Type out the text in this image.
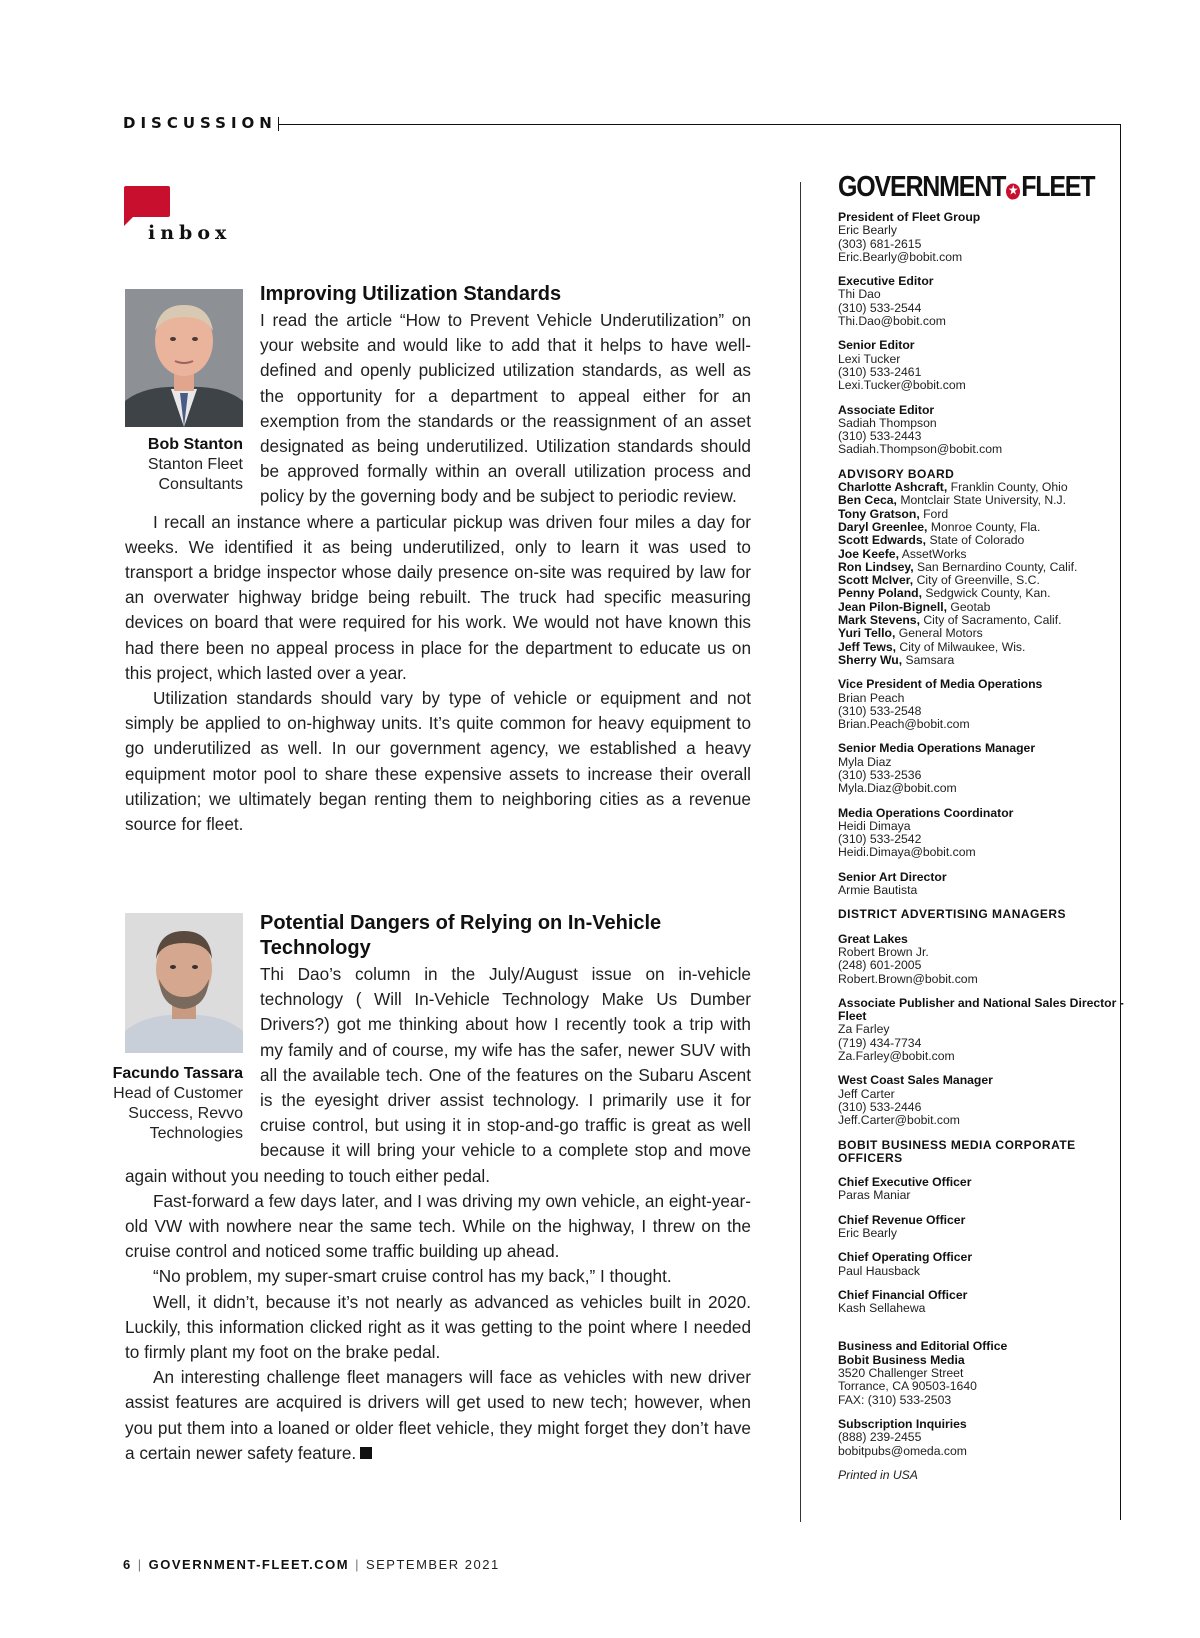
DISCUSSION
inbox
Bob Stanton
Stanton Fleet Consultants
Improving Utilization Standards

I read the article “How to Prevent Vehicle Underutilization” on your website and would like to add that it helps to have well-defined and openly publicized utilization standards, as well as the opportunity for a department to appeal either for an exemption from the standards or the reassignment of an asset designated as being underutilized. Utilization standards should be approved formally within an overall utilization process and policy by the governing body and be subject to periodic review.

I recall an instance where a particular pickup was driven four miles a day for weeks. We identified it as being underutilized, only to learn it was used to transport a bridge inspector whose daily presence on-site was required by law for an overwater highway bridge being rebuilt. The truck had specific measuring devices on board that were required for his work. We would not have known this had there been no appeal process in place for the department to educate us on this project, which lasted over a year.

Utilization standards should vary by type of vehicle or equipment and not simply be applied to on-highway units. It’s quite common for heavy equipment to go underutilized as well. In our government agency, we established a heavy equipment motor pool to share these expensive assets to increase their overall utilization; we ultimately began renting them to neighboring cities as a revenue source for fleet.

Facundo Tassara
Head of Customer Success, Revvo Technologies
Potential Dangers of Relying on In-Vehicle Technology

Thi Dao’s column in the July/August issue on in-vehicle technology ( Will In-Vehicle Technology Make Us Dumber Drivers?) got me thinking about how I recently took a trip with my family and of course, my wife has the safer, newer SUV with all the available tech. One of the features on the Subaru Ascent is the eyesight driver assist technology. I primarily use it for cruise control, but using it in stop-and-go traffic is great as well because it will bring your vehicle to a complete stop and move again without you needing to touch either pedal.

Fast-forward a few days later, and I was driving my own vehicle, an eight-year-old VW with nowhere near the same tech. While on the highway, I threw on the cruise control and noticed some traffic building up ahead.

“No problem, my super-smart cruise control has my back,” I thought.

Well, it didn’t, because it’s not nearly as advanced as vehicles built in 2020. Luckily, this information clicked right as it was getting to the point where I needed to firmly plant my foot on the brake pedal.

An interesting challenge fleet managers will face as vehicles with new driver assist features are acquired is drivers will get used to new tech; however, when you put them into a loaned or older fleet vehicle, they might forget they don’t have a certain newer safety feature.

GOVERNMENT ★ FLEET
President of Fleet Group
Eric Bearly
(303) 681-2615
Eric.Bearly@bobit.com
Executive Editor
Thi Dao
(310) 533-2544
Thi.Dao@bobit.com
Senior Editor
Lexi Tucker
(310) 533-2461
Lexi.Tucker@bobit.com
Associate Editor
Sadiah Thompson
(310) 533-2443
Sadiah.Thompson@bobit.com
ADVISORY BOARD
Charlotte Ashcraft, Franklin County, Ohio
Ben Ceca, Montclair State University, N.J.
Tony Gratson, Ford
Daryl Greenlee, Monroe County, Fla.
Scott Edwards, State of Colorado
Joe Keefe, AssetWorks
Ron Lindsey, San Bernardino County, Calif.
Scott McIver, City of Greenville, S.C.
Penny Poland, Sedgwick County, Kan.
Jean Pilon-Bignell, Geotab
Mark Stevens, City of Sacramento, Calif.
Yuri Tello, General Motors
Jeff Tews, City of Milwaukee, Wis.
Sherry Wu, Samsara
Vice President of Media Operations
Brian Peach
(310) 533-2548
Brian.Peach@bobit.com
Senior Media Operations Manager
Myla Diaz
(310) 533-2536
Myla.Diaz@bobit.com
Media Operations Coordinator
Heidi Dimaya
(310) 533-2542
Heidi.Dimaya@bobit.com
Senior Art Director
Armie Bautista
DISTRICT ADVERTISING MANAGERS
Great Lakes
Robert Brown Jr.
(248) 601-2005
Robert.Brown@bobit.com
Associate Publisher and National Sales Director - Fleet
Za Farley
(719) 434-7734
Za.Farley@bobit.com
West Coast Sales Manager
Jeff Carter
(310) 533-2446
Jeff.Carter@bobit.com
BOBIT BUSINESS MEDIA CORPORATE OFFICERS
Chief Executive Officer
Paras Maniar
Chief Revenue Officer
Eric Bearly
Chief Operating Officer
Paul Hausback
Chief Financial Officer
Kash Sellahewa
Business and Editorial Office
Bobit Business Media
3520 Challenger Street
Torrance, CA 90503-1640
FAX: (310) 533-2503
Subscription Inquiries
(888) 239-2455
bobitpubs@omeda.com
Printed in USA
6 | GOVERNMENT-FLEET.COM | SEPTEMBER 2021
